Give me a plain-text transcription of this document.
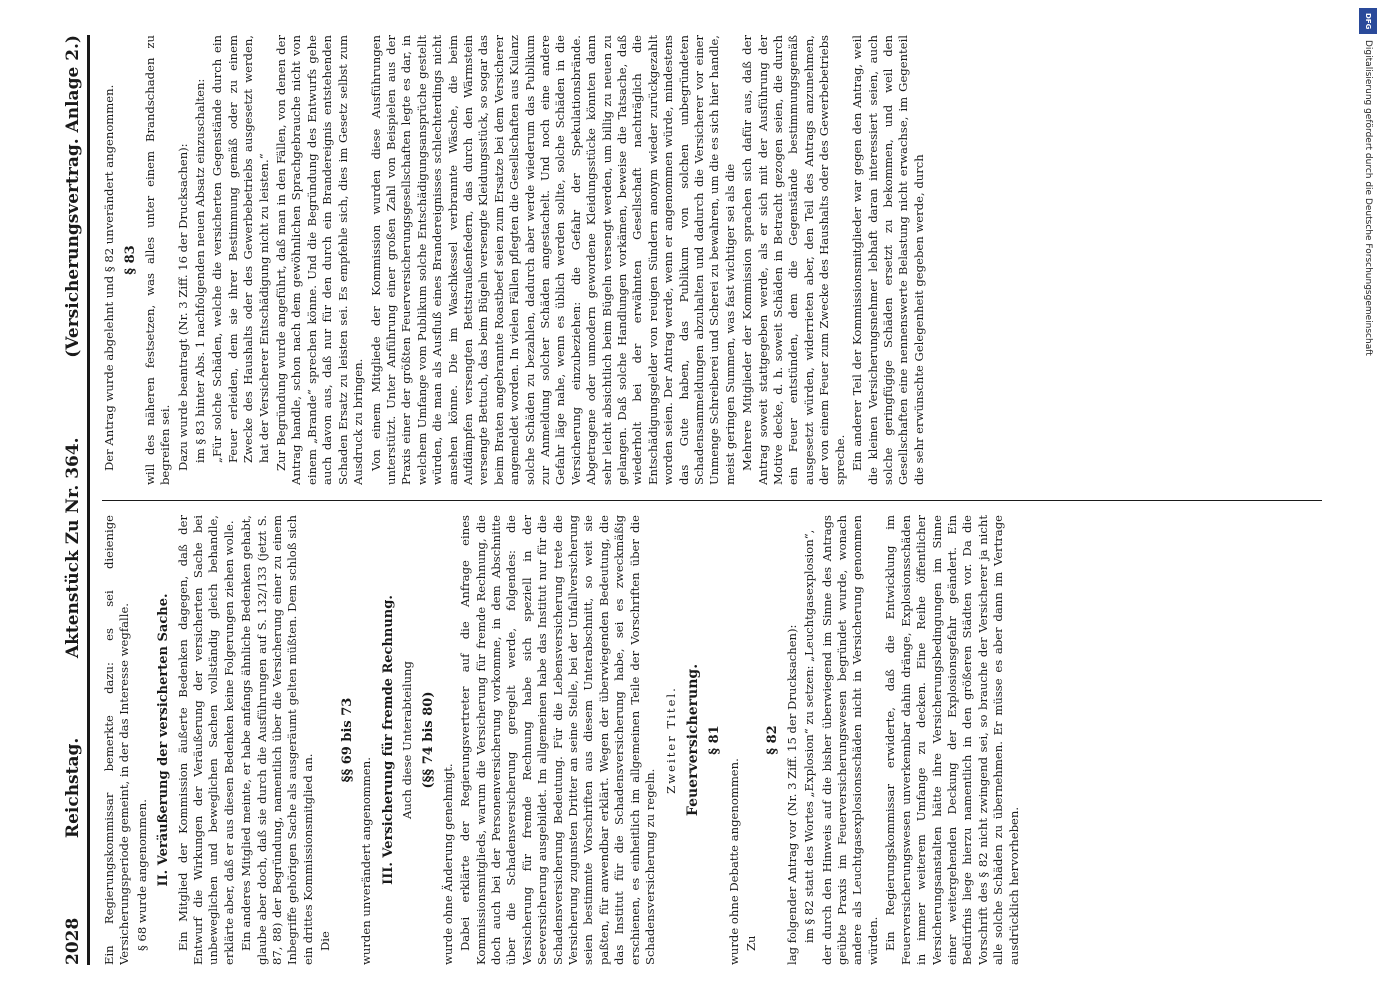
2028
Reichstag.
Aktenstück Zu Nr. 364.
(Versicherungsvertrag. Anlage 2.)
Ein Regierungskommissar bemerkte dazu: es sei dieienige Versicherungsperiode gemeint, in der das Interesse wegfalle. § 68 wurde angenommen. II. Veräußerung der versicherten Sache. Ein Mitglied der Kommission äußerte Bedenken dagegen, daß der Entwurf die Wirkungen der Veräußerung der versicherten Sache bei unbeweglichen und beweglichen Sachen vollständig gleich behandle, erklärte aber, daß er aus diesen Bedenken keine Folgerungen ziehen wolle. Ein anderes Mitglied meinte, er habe anfangs ähnliche Bedenken gehabt, glaube aber doch, daß sie durch die Ausführungen auf S. 132/133 (jetzt S. 87, 88) der Begründung, namentlich über die Versicherung einer zu einem Inbegriffe gehörigen Sache als ausgeräumt gelten müßten. Dem schloß sich ein drittes Kommissionsmitglied an. Die
§§ 69 bis 73
wurden unverändert angenommen. III. Versicherung für fremde Rechnung. Auch diese Unterabteilung (§§ 74 bis 80)
wurde ohne Änderung genehmigt. Dabei erklärte der Regierungsvertreter auf die Anfrage eines Kommissionsmitglieds, warum die Versicherung für fremde Rechnung, die doch auch bei der Personenversicherung vorkomme, in dem Abschnitte über die Schadensversicherung geregelt werde, folgendes: die Versicherung für fremde Rechnung habe sich speziell in der Seeversicherung ausgebildet. Im allgemeinen habe das Institut nur für die Schadensversicherung Bedeutung. Für die Lebensversicherung trete die Versicherung zugunsten Dritter an seine Stelle, bei der Unfallversicherung seien bestimmte Vorschriften aus diesem Unterabschnitt, so weit sie paßten, für anwendbar erklärt. Wegen der überwiegenden Bedeutung, die das Institut für die Schadensversicherung habe, sei es zweckmäßig erschienen, es einheitlich im allgemeinen Teile der Vorschriften über die Schadensversicherung zu regeln.
Zweiter Titel. Feuerversicherung. § 81
wurde ohne Debatte angenommen. Zu
§ 82 lag folgender Antrag vor (Nr. 3 Ziff. 15 der Drucksachen): im § 82 statt des Wortes „Explosion“ zu setzen: „Leuchtgasexplosion“, der durch den Hinweis auf die bisher überwiegend im Sinne des Antrags geübte Praxis im Feuerversicherungswesen begründet wurde, wonach andere als Leuchtgasexplosionsschäden nicht in Versicherung genommen würden. Ein Regierungskommissar erwiderte, daß die Entwicklung im Feuerversicherungswesen unverkennbar dahin dränge, Explosionsschäden in immer weiterem Umfange zu decken. Eine Reihe öffentlicher Versicherungsanstalten hätte ihre Versicherungsbedingungen im Sinne einer weitergehenden Deckung der Explosionsgefahr geändert. Ein Bedürfnis liege hierzu namentlich in den größeren Städten vor. Da die Vorschrift des § 82 nicht zwingend sei, so brauche der Versicherer ja nicht alle solche Schäden zu übernehmen. Er müsse es aber dann im Vertrage ausdrücklich hervorheben.
Der Antrag wurde abgelehnt und § 82 unverändert angenommen. § 83 will des näheren festsetzen, was alles unter einem Brandschaden zu begreifen sei. Dazu wurde beantragt (Nr. 3 Ziff. 16 der Drucksachen): im § 83 hinter Abs. 1 nachfolgenden neuen Absatz einzuschalten: „Für solche Schäden, welche die versicherten Gegenstände durch ein Feuer erleiden, dem sie ihrer Bestimmung gemäß oder zu einem Zwecke des Haushalts oder des Gewerbebetriebs ausgesetzt werden, hat der Versicherer Entschädigung nicht zu leisten.“ Zur Begründung wurde angeführt, daß man in den Fällen, von denen der Antrag handle, schon nach dem gewöhnlichen Sprachgebrauche nicht von einem „Brande“ sprechen könne. Und die Begründung des Entwurfs gehe auch davon aus, daß nur für den durch ein Brandereignis entstehenden Schaden Ersatz zu leisten sei. Es empfehle sich, dies im Gesetz selbst zum Ausdruck zu bringen. Von einem Mitgliede der Kommission wurden diese Ausführungen unterstützt. Unter Anführung einer großen Zahl von Beispielen aus der Praxis einer der größten Feuerversicherungsgesellschaften legte es dar, in welchem Umfange vom Publikum solche Entschädigungsansprüche gestellt würden, die man als Ausfluß eines Brandereignisses schlechterdings nicht ansehen könne. Die im Waschkessel verbrannte Wäsche, die beim Aufdämpfen versengten Bettstraußenfedern, das durch den Wärmstein versengte Bettuch, das beim Bügeln versengte Kleidungsstück, so sogar das beim Braten angebrannte Roastbeef seien zum Ersatze bei dem Versicherer angemeldet worden. In vielen Fällen pflegten die Gesellschaften aus Kulanz solche Schäden zu bezahlen, dadurch aber werde wiederum das Publikum zur Anmeldung solcher Schäden angestachelt. Und noch eine andere Gefahr läge nahe, wenn es üblich werden sollte, solche Schäden in die Versicherung einzubeziehen: die Gefahr der Spekulationsbrände. Abgetragene oder unmodern gewordene Kleidungsstücke könnten dann sehr leicht absichtlich beim Bügeln versengt werden, um billig zu neuen zu gelangen. Daß solche Handlungen vorkämen, beweise die Tatsache, daß wiederholt bei der erwähnten Gesellschaft nachträglich die Entschädigungsgelder von reuigen Sündern anonym wieder zurückgezahlt worden seien. Der Antrag werde, wenn er angenommen würde, mindestens das Gute haben, das Publikum von solchen unbegründeten Schadensammeldungen abzuhalten und dadurch die Versicherer vor einer Unmenge Schreiberei und Scherei zu bewahren, um die es sich hier handle, meist geringen Summen, was fast wichtiger sei als die Mehrere Mitglieder der Kommission sprachen sich dafür aus, daß der Antrag soweit stattgegeben werde, als er sich mit der Ausführung der Motive decke, d. h. soweit Schäden in Betracht gezogen seien, die durch ein Feuer entstünden, dem die Gegenstände bestimmungsgemäß ausgesetzt würden, widerrieten aber, den Teil des Antrags anzunehmen, der von einem Feuer zum Zwecke des Haushalts oder des Gewerbebetriebs spreche. Ein anderer Teil der Kommissionsmitglieder war gegen den Antrag, weil die kleinen Versicherungsnehmer lebhaft daran interessiert seien, auch solche geringfügige Schäden ersetzt zu bekommen, und weil den Gesellschaften eine nennenswerte Belastung nicht erwachse, im Gegenteil die sehr erwünschte Gelegenheit gegeben werde, durch
DFG
Digitalisierung gefördert durch die Deutsche Forschungsgemeinschaft
